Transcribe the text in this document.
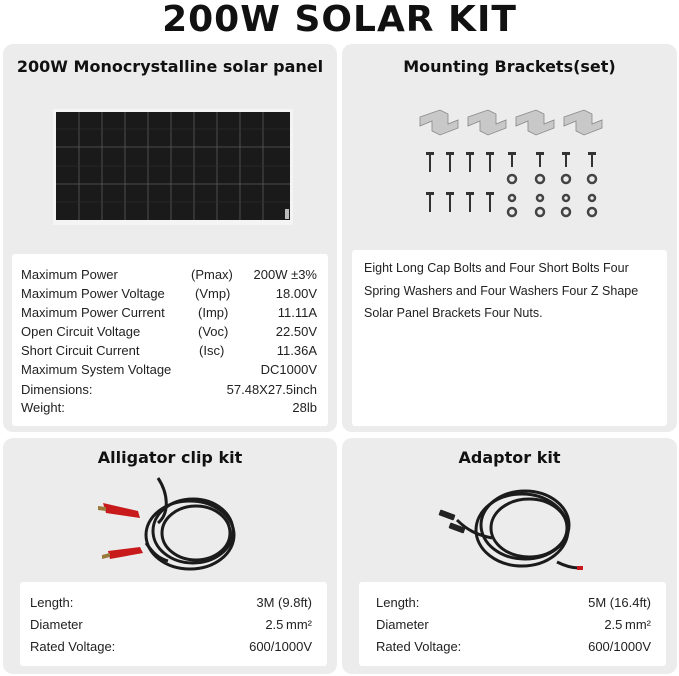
200W SOLAR KIT
200W Monocrystalline solar panel
Maximum Power	(Pmax) 200W ±3%
Maximum Power Voltage (Vmp)	18.00V
Maximum Power Current	(Imp)	11.11A
Open Circuit Voltage	(Voc)	22.50V
Short Circuit Current	(Isc)	11.36A
Maximum System Voltage	DC1000V
Dimensions:	57.48X27.5inch
Weight:	28lb
Mounting Brackets(set)
Eight Long Cap Bolts and Four Short Bolts Four
Spring Washers and Four Washers Four Z Shape
Solar Panel Brackets Four Nuts.
Alligator clip kit
Length:	3M (9.8ft)
Diameter	2.5 mm²
Rated Voltage:	600/1000V
Adaptor kit
Length:	5M (16.4ft)
Diameter	2.5 mm²
Rated Voltage:	600/1000V
